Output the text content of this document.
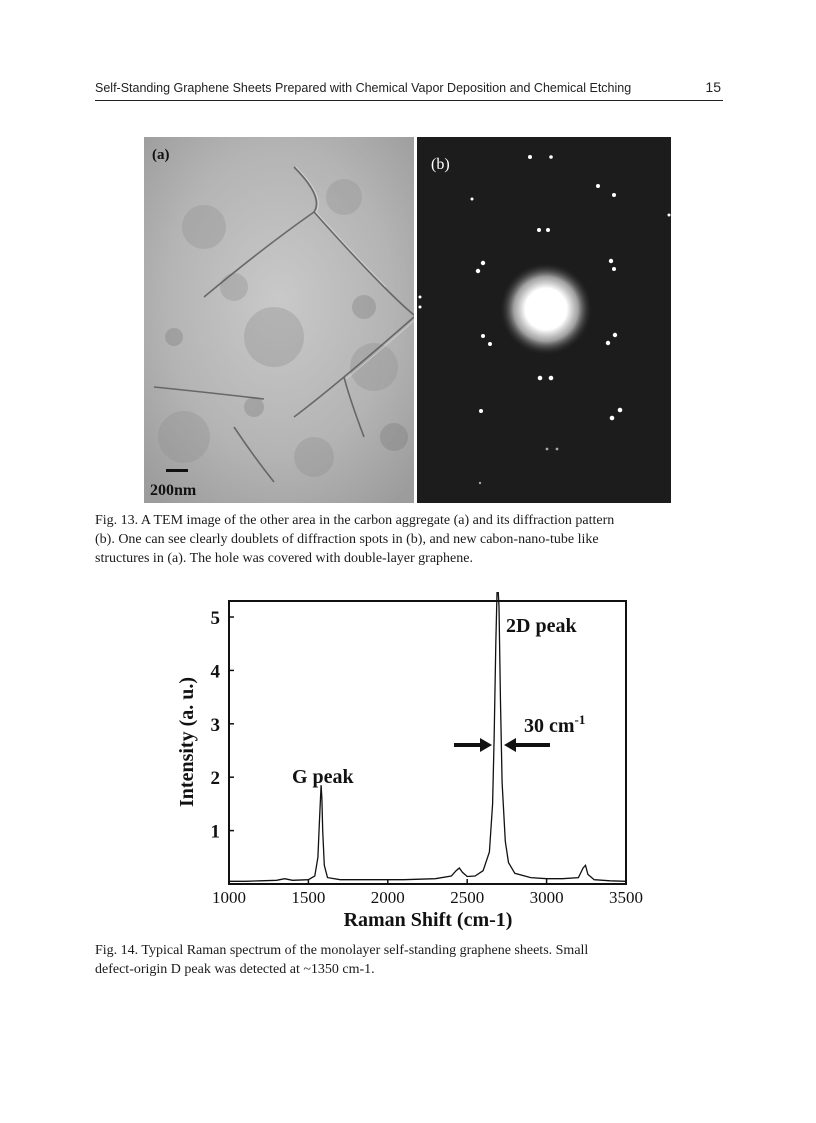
Self-Standing Graphene Sheets Prepared with Chemical Vapor Deposition and Chemical Etching	15
(a)
200nm
(b)
Fig. 13. A TEM image of the other area in the carbon aggregate (a) and its diffraction pattern
(b). One can see clearly doublets of diffraction spots in (b), and new cabon-nano-tube like
structures in (a). The hole was covered with double-layer graphene.
1000	1500	2000	2500	3000	3500
1
2
3
4
5
G peak
2D peak
30 $cm^{-1}$
Raman Shift (cm-1)
Intensity (a. u.)
Fig. 14. Typical Raman spectrum of the monolayer self-standing graphene sheets. Small
defect-origin D peak was detected at ~1350 cm-1.
